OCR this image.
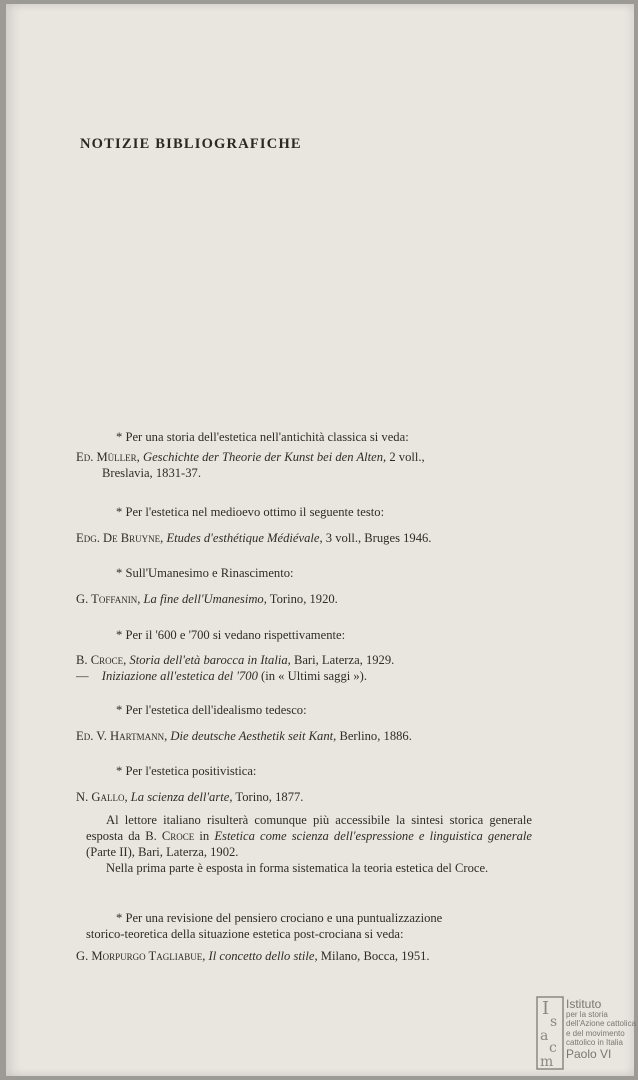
NOTIZIE BIBLIOGRAFICHE
* Per una storia dell'estetica nell'antichità classica si veda:
Ed. Müller, Geschichte der Theorie der Kunst bei den Alten, 2 voll.,
Breslavia, 1831-37.
* Per l'estetica nel medioevo ottimo il seguente testo:
Edg. De Bruyne, Etudes d'esthétique Médiévale, 3 voll., Bruges 1946.
* Sull'Umanesimo e Rinascimento:
G. Toffanin, La fine dell'Umanesimo, Torino, 1920.
* Per il '600 e '700 si vedano rispettivamente:
B. Croce, Storia dell'età barocca in Italia, Bari, Laterza, 1929.
— Iniziazione all'estetica del '700 (in « Ultimi saggi »).
* Per l'estetica dell'idealismo tedesco:
Ed. V. Hartmann, Die deutsche Aesthetik seit Kant, Berlino, 1886.
* Per l'estetica positivistica:
N. Gallo, La scienza dell'arte, Torino, 1877.
Al lettore italiano risulterà comunque più accessibile la sintesi storica generale esposta da B. Croce in Estetica come scienza dell'espressione e linguistica generale (Parte II), Bari, Laterza, 1902.
Nella prima parte è esposta in forma sistematica la teoria estetica del Croce.
* Per una revisione del pensiero crociano e una puntualizzazione
storico-teoretica della situazione estetica post-crociana si veda:
G. Morpurgo Tagliabue, Il concetto dello stile, Milano, Bocca, 1951.
I
s
a
c
m
Istituto
per la storia
dell'Azione cattolica
e del movimento
cattolico in Italia
Paolo VI
